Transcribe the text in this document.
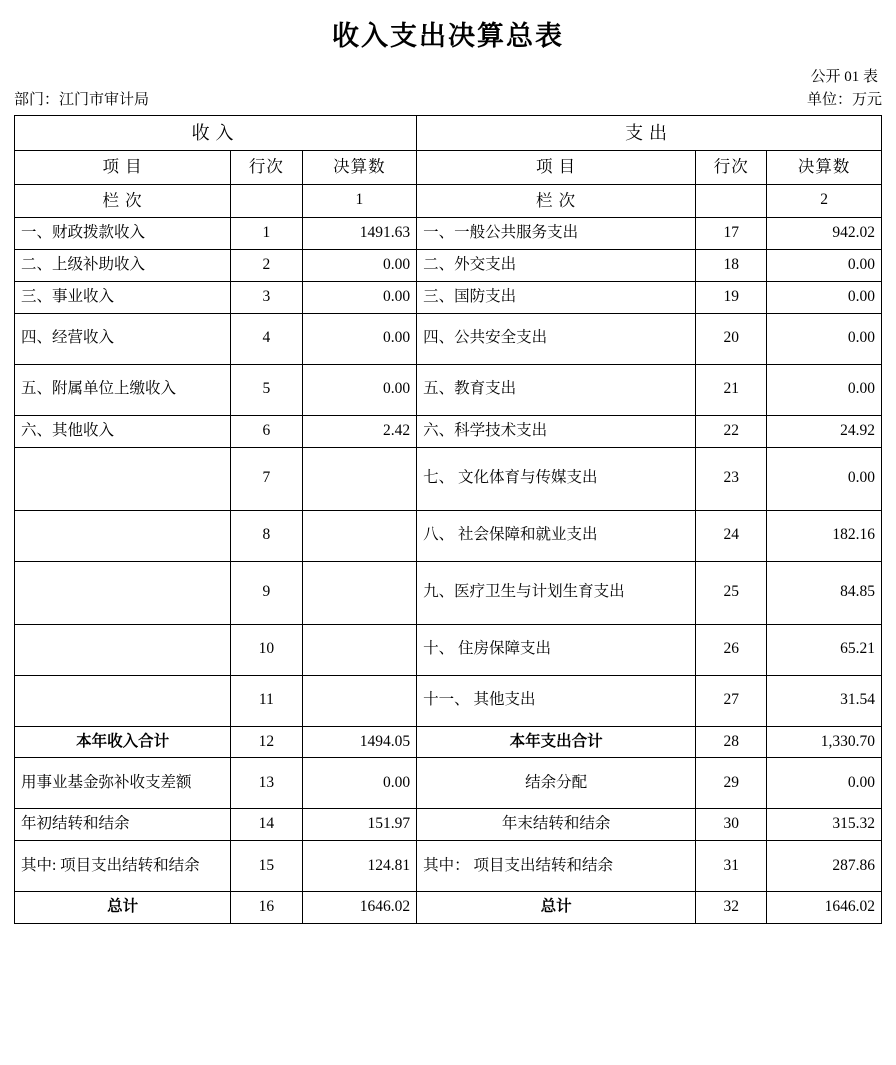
收入支出决算总表
公开 01 表
部门：江门市审计局	单位：万元
收入			支出		
项 目	行次	决算数	项 目	行次	决算数
栏 次		1	栏 次		2
一、财政拨款收入	1	1491.63	一、一般公共服务支出	17	942.02
二、上级补助收入	2	0.00	二、外交支出	18	0.00
三、事业收入	3	0.00	三、国防支出	19	0.00
四、经营收入	4	0.00	四、公共安全支出	20	0.00
五、附属单位上缴收入	5	0.00	五、教育支出	21	0.00
六、其他收入	6	2.42	六、科学技术支出	22	24.92
	7		七、 文化体育与传媒支出	23	0.00
	8		八、 社会保障和就业支出	24	182.16
	9		九、医疗卫生与计划生育支出	25	84.85
	10		十、 住房保障支出	26	65.21
	11		十一、 其他支出	27	31.54
本年收入合计	12	1494.05	本年支出合计	28	1,330.70
用事业基金弥补收支差额	13	0.00	结余分配	29	0.00
年初结转和结余	14	151.97	年末结转和结余	30	315.32
其中: 项目支出结转和结余	15	124.81	其中： 项目支出结转和结余	31	287.86
总计	16	1646.02	总计	32	1646.02
